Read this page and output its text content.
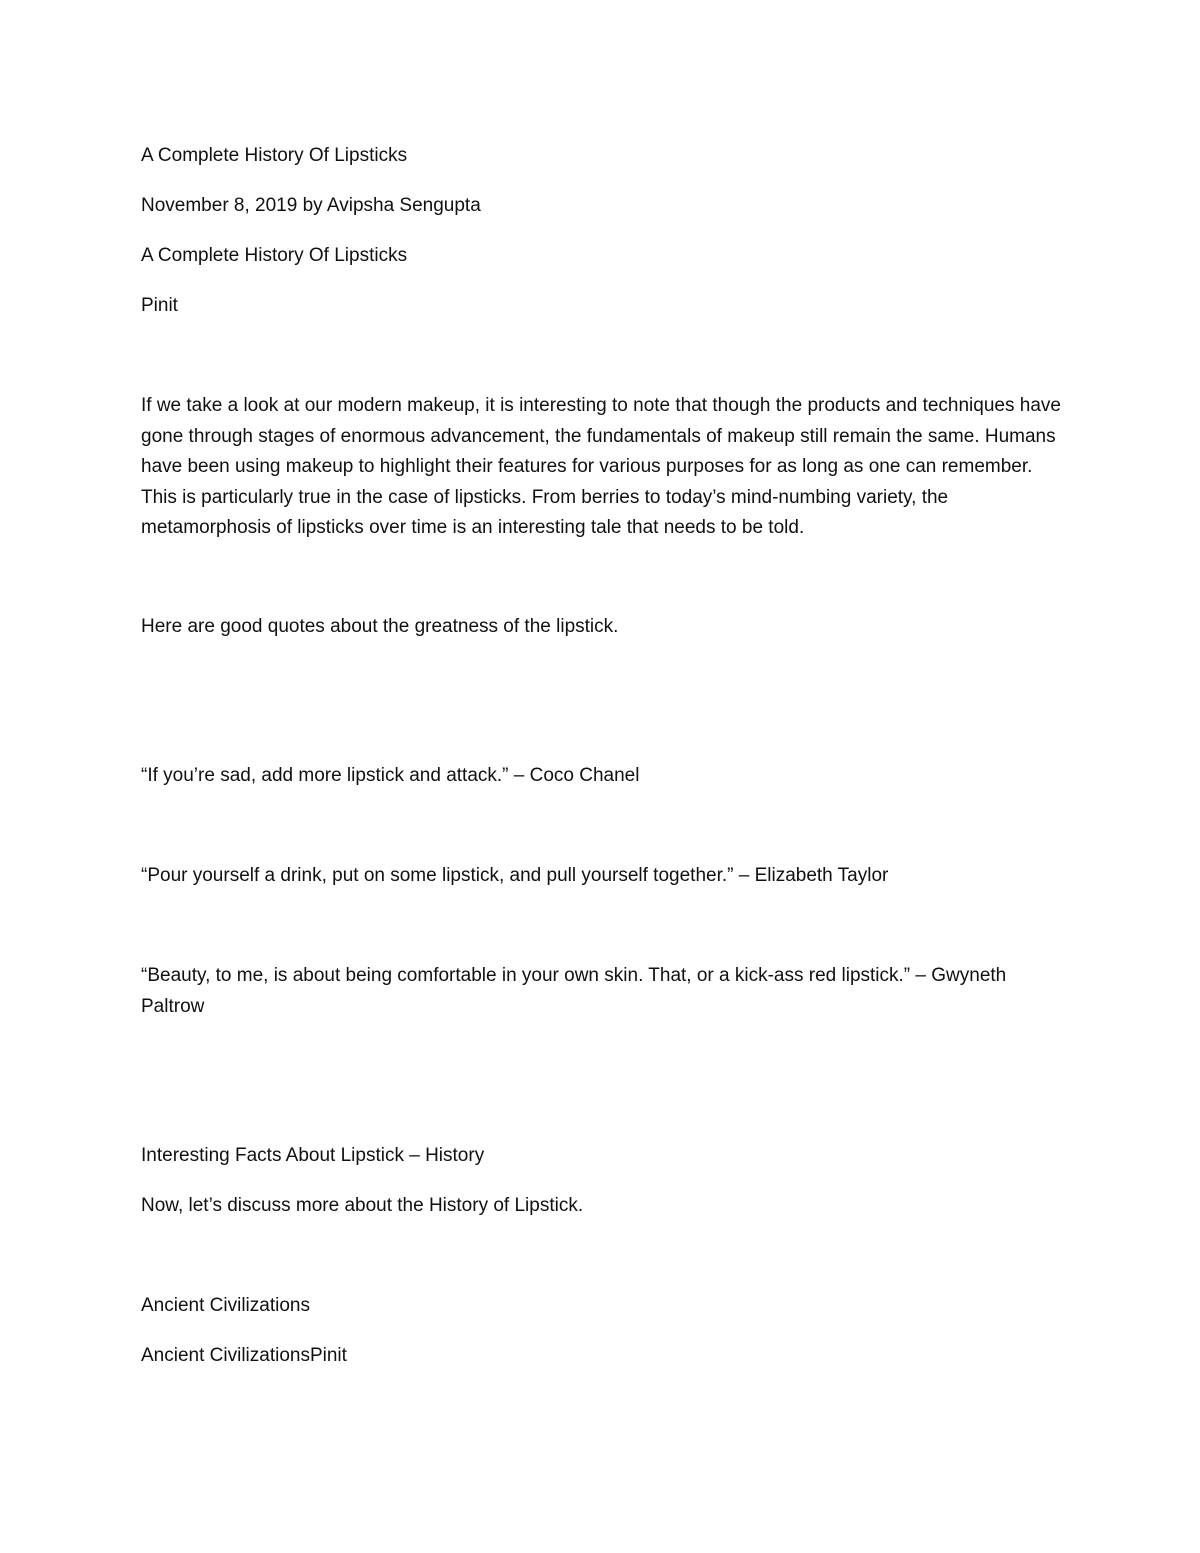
A Complete History Of Lipsticks

November 8, 2019 by Avipsha Sengupta

A Complete History Of Lipsticks

Pinit

If we take a look at our modern makeup, it is interesting to note that though the products and techniques have gone through stages of enormous advancement, the fundamentals of makeup still remain the same. Humans have been using makeup to highlight their features for various purposes for as long as one can remember. This is particularly true in the case of lipsticks. From berries to today’s mind-numbing variety, the metamorphosis of lipsticks over time is an interesting tale that needs to be told.

Here are good quotes about the greatness of the lipstick.

“If you’re sad, add more lipstick and attack.” – Coco Chanel

“Pour yourself a drink, put on some lipstick, and pull yourself together.” – Elizabeth Taylor

“Beauty, to me, is about being comfortable in your own skin. That, or a kick-ass red lipstick.” – Gwyneth Paltrow

Interesting Facts About Lipstick – History

Now, let’s discuss more about the History of Lipstick.

Ancient Civilizations

Ancient CivilizationsPinit
